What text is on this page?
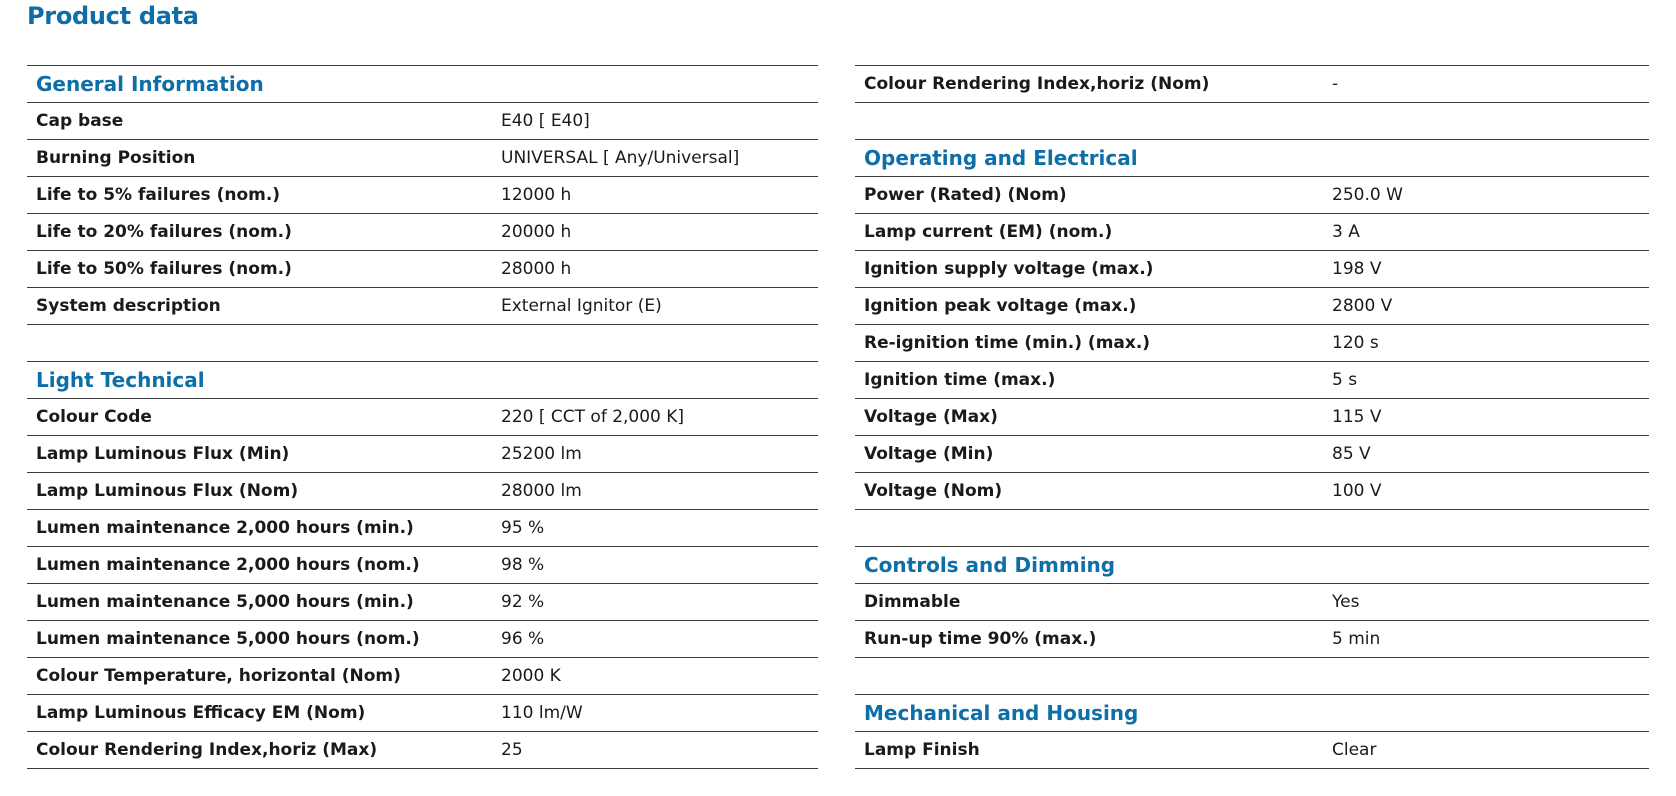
Product data
General Information
Cap base	E40 [ E40]
Burning Position	UNIVERSAL [ Any/Universal]
Life to 5% failures (nom.)	12000 h
Life to 20% failures (nom.)	20000 h
Life to 50% failures (nom.)	28000 h
System description	External Ignitor (E)
Light Technical
Colour Code	220 [ CCT of 2,000 K]
Lamp Luminous Flux (Min)	25200 lm
Lamp Luminous Flux (Nom)	28000 lm
Lumen maintenance 2,000 hours (min.)	95 %
Lumen maintenance 2,000 hours (nom.)	98 %
Lumen maintenance 5,000 hours (min.)	92 %
Lumen maintenance 5,000 hours (nom.)	96 %
Colour Temperature, horizontal (Nom)	2000 K
Lamp Luminous Efficacy EM (Nom)	110 lm/W
Colour Rendering Index,horiz (Max)	25
Colour Rendering Index,horiz (Nom)	-
Operating and Electrical
Power (Rated) (Nom)	250.0 W
Lamp current (EM) (nom.)	3 A
Ignition supply voltage (max.)	198 V
Ignition peak voltage (max.)	2800 V
Re-ignition time (min.) (max.)	120 s
Ignition time (max.)	5 s
Voltage (Max)	115 V
Voltage (Min)	85 V
Voltage (Nom)	100 V
Controls and Dimming
Dimmable	Yes
Run-up time 90% (max.)	5 min
Mechanical and Housing
Lamp Finish	Clear
